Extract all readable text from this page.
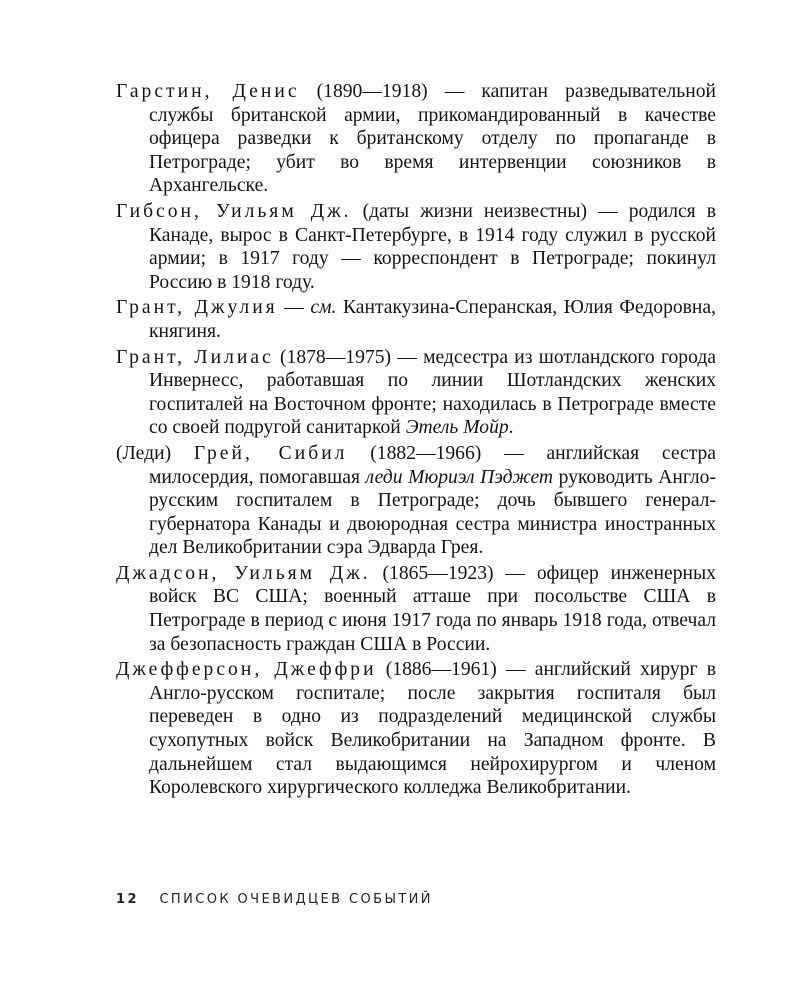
Гарстин, Денис (1890—1918) — капитан разведывательной службы британской армии, прикомандированный в качестве офицера разведки к британскому отделу по пропаганде в Петрограде; убит во время интервенции союзников в Архангельске.

Гибсон, Уильям Дж. (даты жизни неизвестны) — родился в Канаде, вырос в Санкт-Петербурге, в 1914 году служил в русской армии; в 1917 году — корреспондент в Петрограде; покинул Россию в 1918 году.

Грант, Джулия — см. Кантакузина-Сперанская, Юлия Федоровна, княгиня.

Грант, Лилиас (1878—1975) — медсестра из шотландского города Инвернесс, работавшая по линии Шотландских женских госпиталей на Восточном фронте; находилась в Петрограде вместе со своей подругой санитаркой Этель Мойр.

(Леди) Грей, Сибил (1882—1966) — английская сестра милосердия, помогавшая леди Мюриэл Пэджет руководить Англо-русским госпиталем в Петрограде; дочь бывшего генерал-губернатора Канады и двоюродная сестра министра иностранных дел Великобритании сэра Эдварда Грея.

Джадсон, Уильям Дж. (1865—1923) — офицер инженерных войск ВС США; военный атташе при посольстве США в Петрограде в период с июня 1917 года по январь 1918 года, отвечал за безопасность граждан США в России.

Джефферсон, Джеффри (1886—1961) — английский хирург в Англо-русском госпитале; после закрытия госпиталя был переведен в одно из подразделений медицинской службы сухопутных войск Великобритании на Западном фронте. В дальнейшем стал выдающимся нейрохирургом и членом Королевского хирургического колледжа Великобритании.

12 СПИСОК ОЧЕВИДЦЕВ СОБЫТИЙ
